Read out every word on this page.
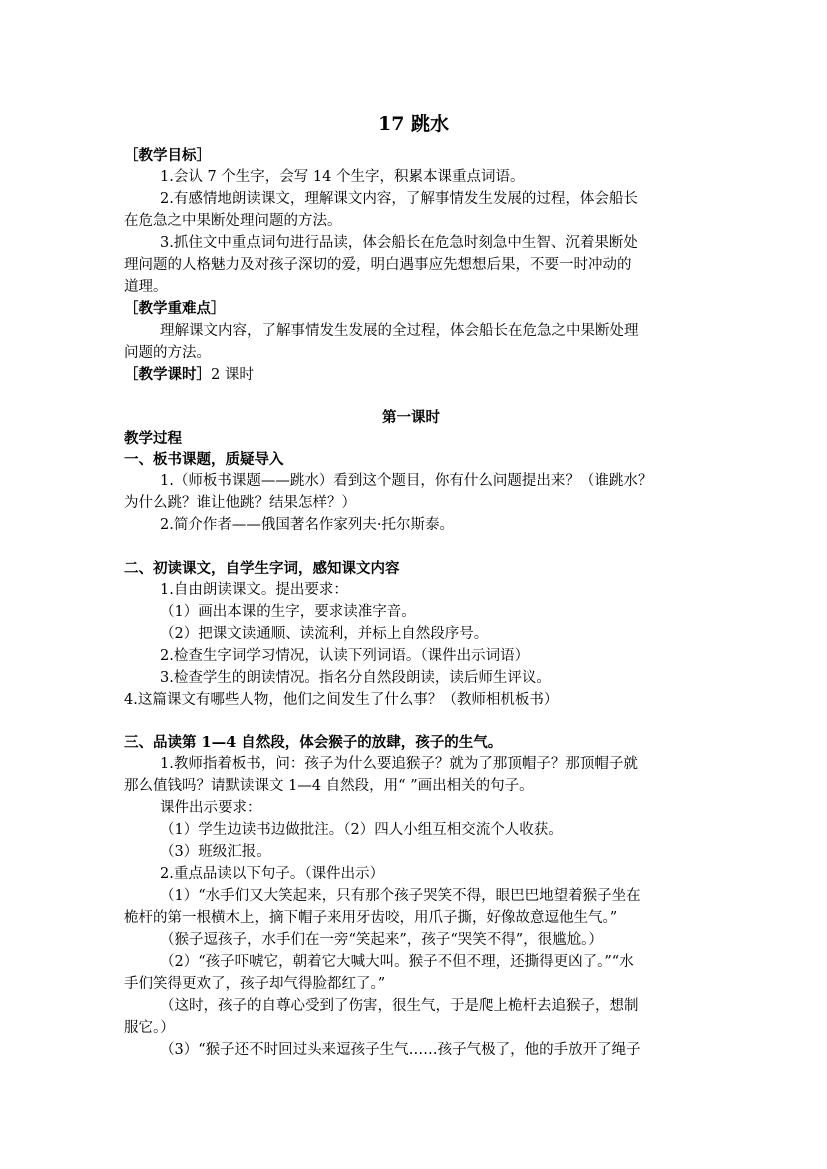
17 跳水
［教学目标］
1.会认 7 个生字，会写 14 个生字，积累本课重点词语。
2.有感情地朗读课文，理解课文内容，了解事情发生发展的过程，体会船长
在危急之中果断处理问题的方法。
3.抓住文中重点词句进行品读，体会船长在危急时刻急中生智、沉着果断处
理问题的人格魅力及对孩子深切的爱，明白遇事应先想想后果，不要一时冲动的
道理。
［教学重难点］
理解课文内容，了解事情发生发展的全过程，体会船长在危急之中果断处理
问题的方法。
［教学课时］2 课时
第一课时
教学过程
一、板书课题，质疑导入
1.（师板书课题——跳水）看到这个题目，你有什么问题提出来？（谁跳水？
为什么跳？谁让他跳？结果怎样？）
2.简介作者——俄国著名作家列夫·托尔斯泰。
二、初读课文，自学生字词，感知课文内容
1.自由朗读课文。提出要求：
（1）画出本课的生字，要求读准字音。
（2）把课文读通顺、读流利，并标上自然段序号。
2.检查生字词学习情况，认读下列词语。（课件出示词语）
3.检查学生的朗读情况。指名分自然段朗读，读后师生评议。
4.这篇课文有哪些人物，他们之间发生了什么事？（教师相机板书）
三、品读第 1—4 自然段，体会猴子的放肆，孩子的生气。
1.教师指着板书，问：孩子为什么要追猴子？就为了那顶帽子？那顶帽子就
那么值钱吗？请默读课文 1—4 自然段，用“ ”画出相关的句子。
课件出示要求：
（1）学生边读书边做批注。（2）四人小组互相交流个人收获。
（3）班级汇报。
2.重点品读以下句子。（课件出示）
（1）“水手们又大笑起来，只有那个孩子哭笑不得，眼巴巴地望着猴子坐在
桅杆的第一根横木上，摘下帽子来用牙齿咬，用爪子撕，好像故意逗他生气。”
（猴子逗孩子，水手们在一旁“笑起来”，孩子“哭笑不得”，很尴尬。）
（2）“孩子吓唬它，朝着它大喊大叫。猴子不但不理，还撕得更凶了。”“水
手们笑得更欢了，孩子却气得脸都红了。”
（这时，孩子的自尊心受到了伤害，很生气，于是爬上桅杆去追猴子，想制
服它。）
（3）“猴子还不时回过头来逗孩子生气……孩子气极了，他的手放开了绳子
